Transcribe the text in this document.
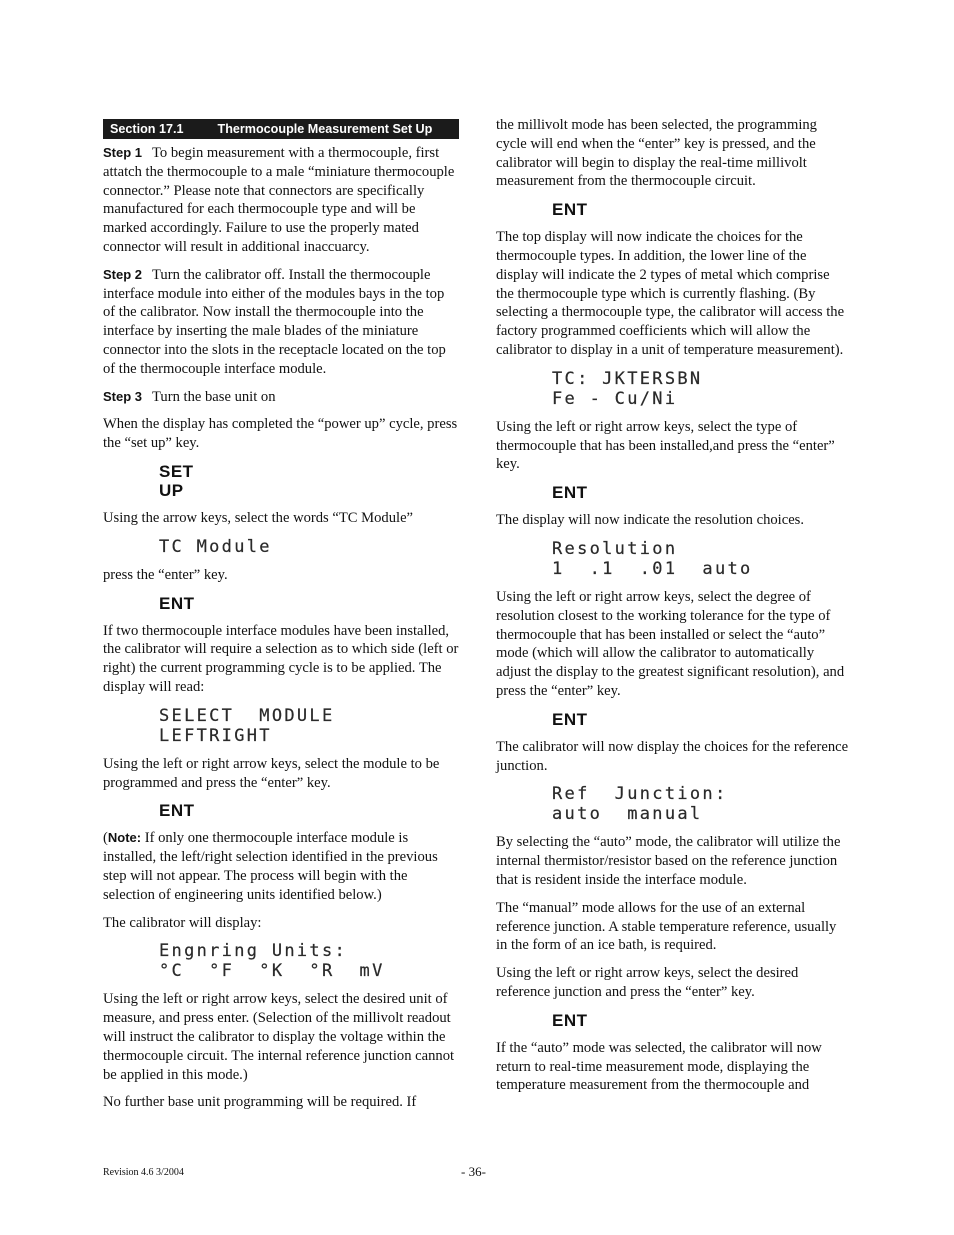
Section 17.1	Thermocouple Measurement Set Up

Step 1 To begin measurement with a thermocouple, first attatch the thermocouple to a male “miniature thermocouple connector.” Please note that connectors are specifically manufactured for each thermocouple type and will be marked accordingly. Failure to use the properly mated connector will result in additional inaccuarcy.

Step 2 Turn the calibrator off. Install the thermocouple interface module into either of the modules bays in the top of the calibrator. Now install the thermocouple into the interface by inserting the male blades of the miniature connector into the slots in the receptacle located on the top of the thermocouple interface module.

Step 3 Turn the base unit on

When the display has completed the “power up” cycle, press the “set up” key.

SET
UP

Using the arrow keys, select the words “TC Module”

TC Module

press the “enter” key.

ENT

If two thermocouple interface modules have been installed, the calibrator will require a selection as to which side (left or right) the current programming cycle is to be applied. The display will read:

SELECT  MODULE
LEFTRIGHT

Using the left or right arrow keys, select the module to be programmed and press the “enter” key.

ENT

(Note: If only one thermocouple interface module is installed, the left/right selection identified in the previous step will not appear. The process will begin with the selection of engineering units identified below.)

The calibrator will display:

Engnring Units:
°C  °F  °K  °R  mV

Using the left or right arrow keys, select the desired unit of measure, and press enter. (Selection of the millivolt readout will instruct the calibrator to display the voltage within the thermocouple circuit. The internal reference junction cannot be applied in this mode.)

No further base unit programming will be required. If

the millivolt mode has been selected, the programming cycle will end when the “enter” key is pressed, and the calibrator will begin to display the real-time millivolt measurement from the thermocouple circuit.

ENT

The top display will now indicate the choices for the thermocouple types. In addition, the lower line of the display will indicate the 2 types of metal which comprise the thermocouple type which is currently flashing. (By selecting a thermocouple type, the calibrator will access the factory programmed coefficients which will allow the calibrator to display in a unit of temperature measurement).

TC: JKTERSBN
Fe - Cu/Ni

Using the left or right arrow keys, select the type of thermocouple that has been installed,and press the “enter” key.

ENT

The display will now indicate the resolution choices.

Resolution
1  .1  .01  auto

Using the left or right arrow keys, select the degree of resolution closest to the working tolerance for the type of thermocouple that has been installed or select the “auto” mode (which will allow the calibrator to automatically adjust the display to the greatest significant resolution), and press the “enter” key.

ENT

The calibrator will now display the choices for the reference junction.

Ref  Junction:
auto  manual

By selecting the “auto” mode, the calibrator will utilize the internal thermistor/resistor based on the reference junction that is resident inside the interface module.

The “manual” mode allows for the use of an external reference junction. A stable temperature reference, usually in the form of an ice bath, is required.

Using the left or right arrow keys, select the desired reference junction and press the “enter” key.

ENT

If the “auto” mode was selected, the calibrator will now return to real-time measurement mode, displaying the temperature measurement from the thermocouple and

Revision 4.6 3/2004	- 36-
